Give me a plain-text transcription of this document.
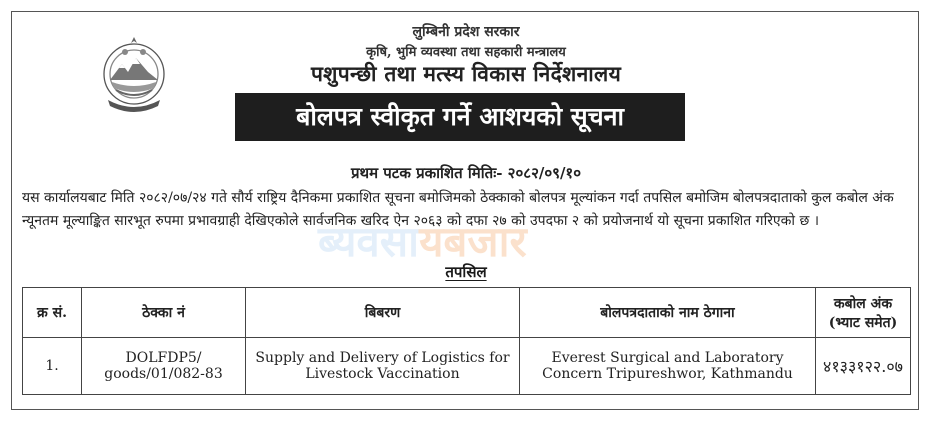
लुम्बिनी प्रदेश सरकार
कृषि, भुमि व्यवस्था तथा सहकारी मन्त्रालय
पशुपन्छी तथा मत्स्य विकास निर्देशनालय
बोलपत्र स्वीकृत गर्ने आशयको सूचना
प्रथम पटक प्रकाशित मितिः- २०८२/०९/१०
ब्यवसायबजार

यस कार्यालयबाट मिति २०८२/०७/२४ गते सौर्य राष्ट्रिय दैनिकमा प्रकाशित सूचना बमोजिमको ठेक्काको बोलपत्र मूल्यांकन गर्दा तपसिल बमोजिम बोलपत्रदाताको कुल कबोल अंक न्यूनतम मूल्याङ्कित सारभूत रुपमा प्रभावग्राही देखिएकोले सार्वजनिक खरिद ऐन २०६३ को दफा २७ को उपदफा २ को प्रयोजनार्थ यो सूचना प्रकाशित गरिएको छ ।

तपसिल
क्र सं.	ठेक्का नं	बिबरण	बोलपत्रदाताको नाम ठेगाना	कबोल अंक (भ्याट समेत)
1.	DOLFDP5/ goods/01/082-83	Supply and Delivery of Logistics for Livestock Vaccination	Everest Surgical and Laboratory Concern Tripureshwor, Kathmandu	४१३३१२२.०७
